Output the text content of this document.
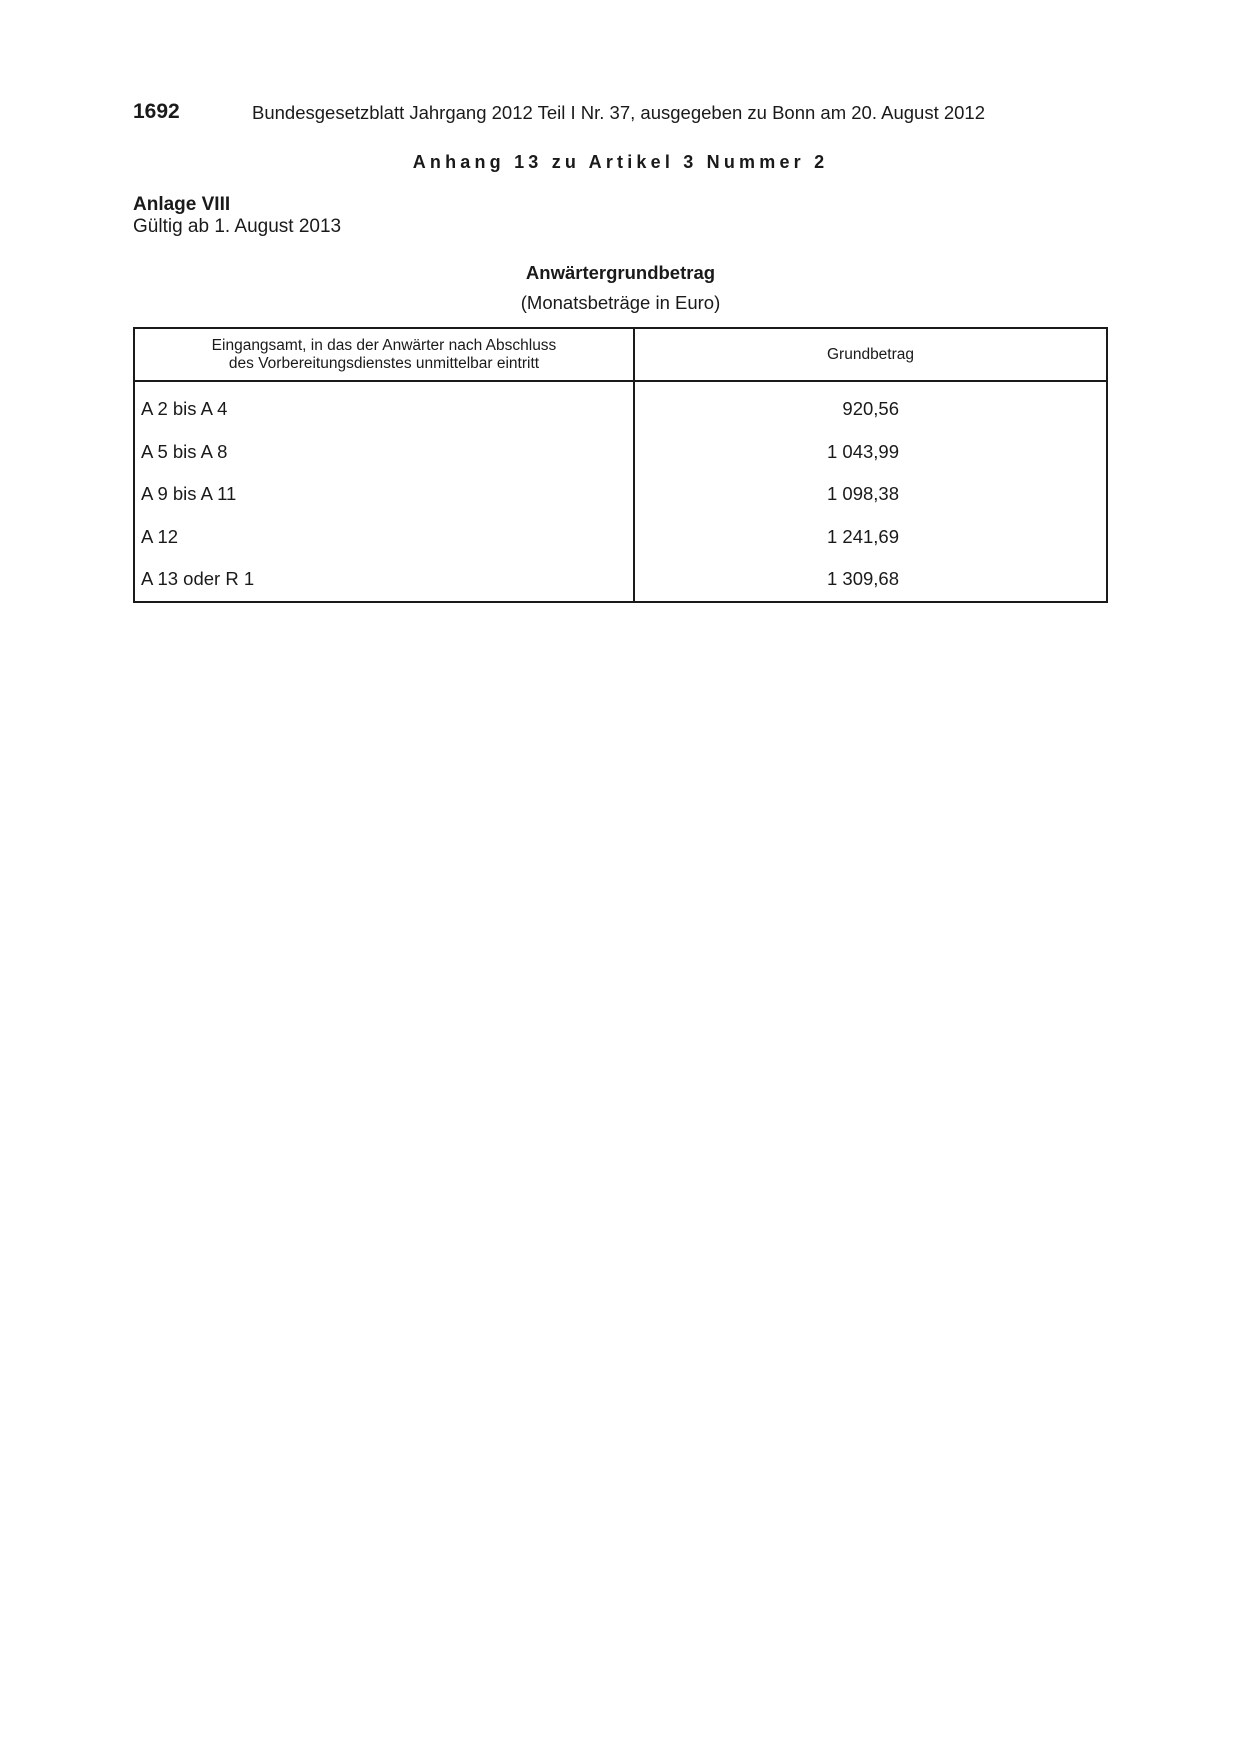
1692	Bundesgesetzblatt Jahrgang 2012 Teil I Nr. 37, ausgegeben zu Bonn am 20. August 2012
Anhang 13 zu Artikel 3 Nummer 2
Anlage VIII
Gültig ab 1. August 2013
Anwärtergrundbetrag
(Monatsbeträge in Euro)
Eingangsamt, in das der Anwärter nach Abschluss
des Vorbereitungsdienstes unmittelbar eintritt	Grundbetrag
A 2 bis A 4	920,56
A 5 bis A 8	1 043,99
A 9 bis A 11	1 098,38
A 12	1 241,69
A 13 oder R 1	1 309,68
